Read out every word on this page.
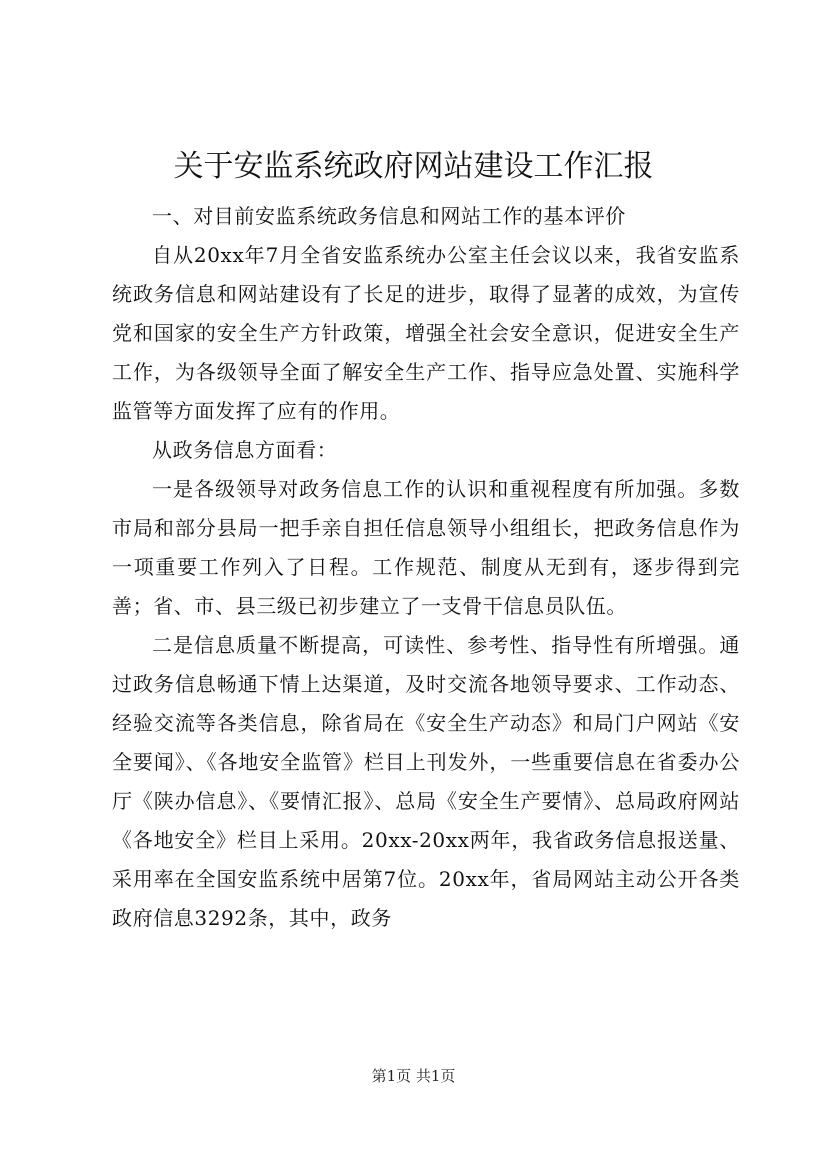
关于安监系统政府网站建设工作汇报

一、对目前安监系统政务信息和网站工作的基本评价

自从20xx年7月全省安监系统办公室主任会议以来，我省安监系统政务信息和网站建设有了长足的进步，取得了显著的成效，为宣传党和国家的安全生产方针政策，增强全社会安全意识，促进安全生产工作，为各级领导全面了解安全生产工作、指导应急处置、实施科学监管等方面发挥了应有的作用。

从政务信息方面看：

一是各级领导对政务信息工作的认识和重视程度有所加强。多数市局和部分县局一把手亲自担任信息领导小组组长，把政务信息作为一项重要工作列入了日程。工作规范、制度从无到有，逐步得到完善；省、市、县三级已初步建立了一支骨干信息员队伍。

二是信息质量不断提高，可读性、参考性、指导性有所增强。通过政务信息畅通下情上达渠道，及时交流各地领导要求、工作动态、经验交流等各类信息，除省局在《安全生产动态》和局门户网站《安全要闻》、《各地安全监管》栏目上刊发外，一些重要信息在省委办公厅《陕办信息》、《要情汇报》、总局《安全生产要情》、总局政府网站《各地安全》栏目上采用。20xx-20xx两年，我省政务信息报送量、采用率在全国安监系统中居第7位。20xx年，省局网站主动公开各类政府信息3292条，其中，政务

第1页 共1页
